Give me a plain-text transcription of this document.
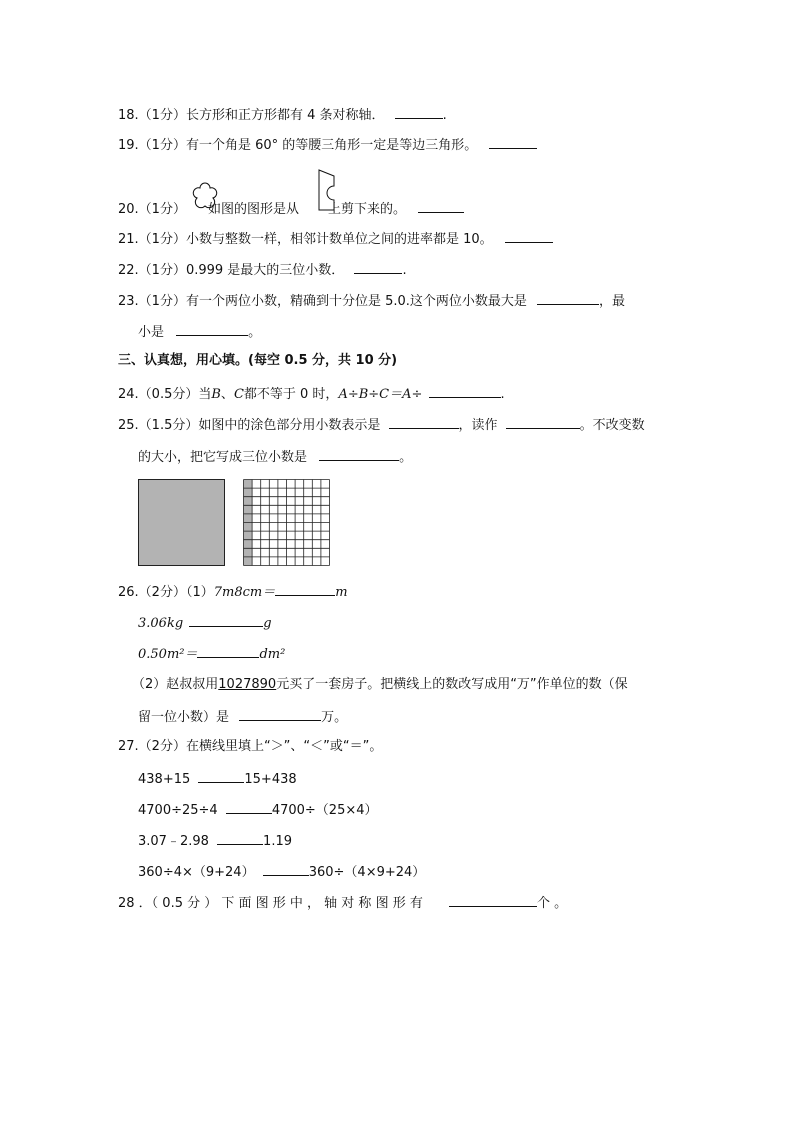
18.（1分）长方形和正方形都有 4 条对称轴．	.
19.（1分）有一个角是 60° 的等腰三角形一定是等边三角形。
20.（1分） 如图的图形是从 上剪下来的。
21.（1分）小数与整数一样，相邻计数单位之间的进率都是 10。
22.（1分）0.999 是最大的三位小数．	.
23.（1分）有一个两位小数，精确到十分位是 5.0.这个两位小数最大是	，最
小是	。
三、认真想，用心填。(每空 0.5 分，共 10 分)
24.（0.5分）当B、C都不等于 0 时，A÷B÷C＝A÷	.
25.（1.5分）如图中的涂色部分用小数表示是	，读作	。不改变数
的大小，把它写成三位小数是	。
26.（2分）（1）7m8cm＝	m
3.06kg	g
0.50m²＝	dm²
（2）赵叔叔用1027890元买了一套房子。把横线上的数改写成用“万”作单位的数（保
留一位小数）是	万。
27.（2分）在横线里填上“＞”、“＜”或“＝”。
438+15	15+438
4700÷25÷4	4700÷（25×4）
3.07﹣2.98	1.19
360÷4×（9+24）	360÷（4×9+24）
28 ．（ 0.5 分 ） 下 面 图 形 中 ， 轴 对 称 图 形 有	个 。
